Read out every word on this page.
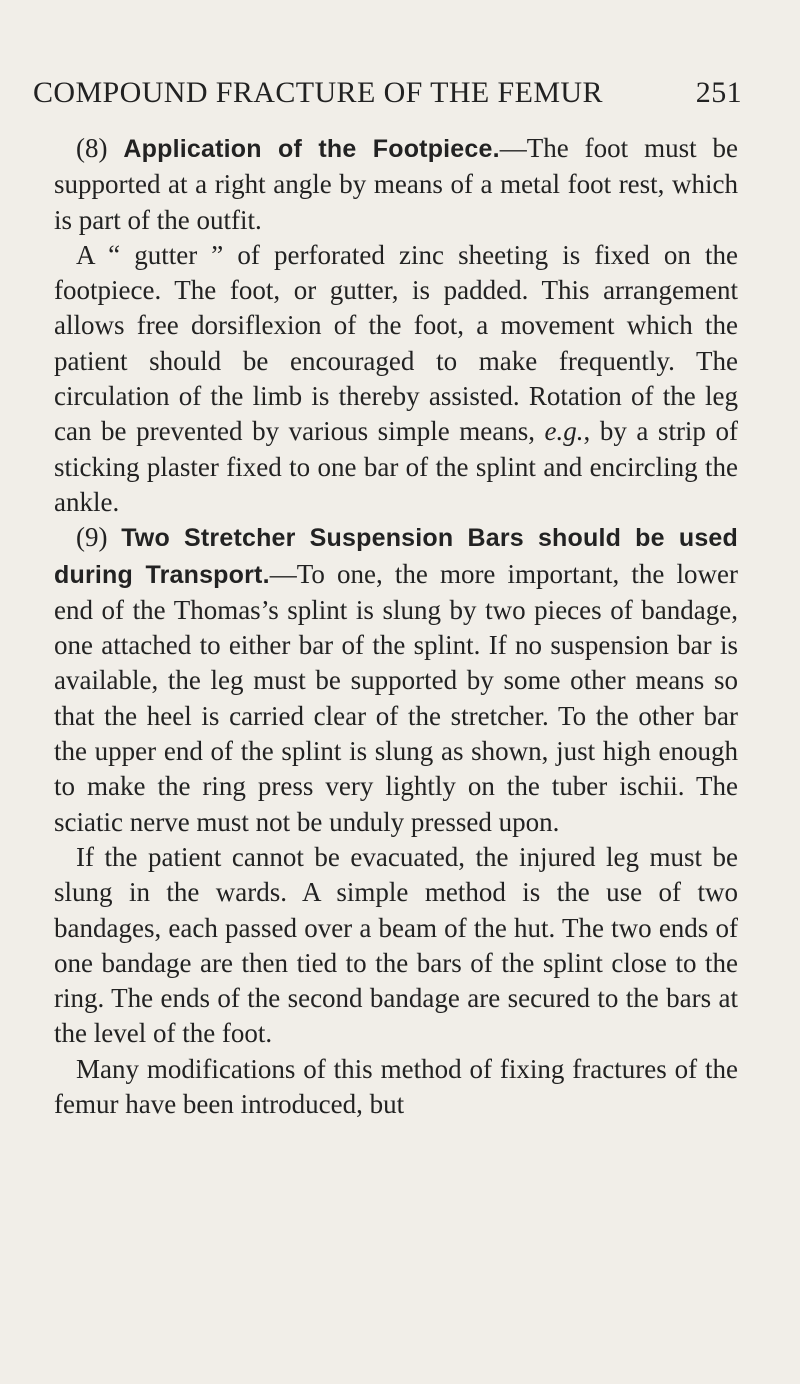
COMPOUND FRACTURE OF THE FEMUR	251

(8) Application of the Footpiece.—The foot must be supported at a right angle by means of a metal foot rest, which is part of the outfit.

A “ gutter ” of perforated zinc sheeting is fixed on the footpiece. The foot, or gutter, is padded. This arrangement allows free dorsiflexion of the foot, a movement which the patient should be encouraged to make frequently. The circulation of the limb is thereby assisted. Rotation of the leg can be prevented by various simple means, e.g., by a strip of sticking plaster fixed to one bar of the splint and encircling the ankle.

(9) Two Stretcher Suspension Bars should be used during Transport.—To one, the more important, the lower end of the Thomas’s splint is slung by two pieces of bandage, one attached to either bar of the splint. If no suspension bar is available, the leg must be supported by some other means so that the heel is carried clear of the stretcher. To the other bar the upper end of the splint is slung as shown, just high enough to make the ring press very lightly on the tuber ischii. The sciatic nerve must not be unduly pressed upon.

If the patient cannot be evacuated, the injured leg must be slung in the wards. A simple method is the use of two bandages, each passed over a beam of the hut. The two ends of one bandage are then tied to the bars of the splint close to the ring. The ends of the second bandage are secured to the bars at the level of the foot.

Many modifications of this method of fixing fractures of the femur have been introduced, but
